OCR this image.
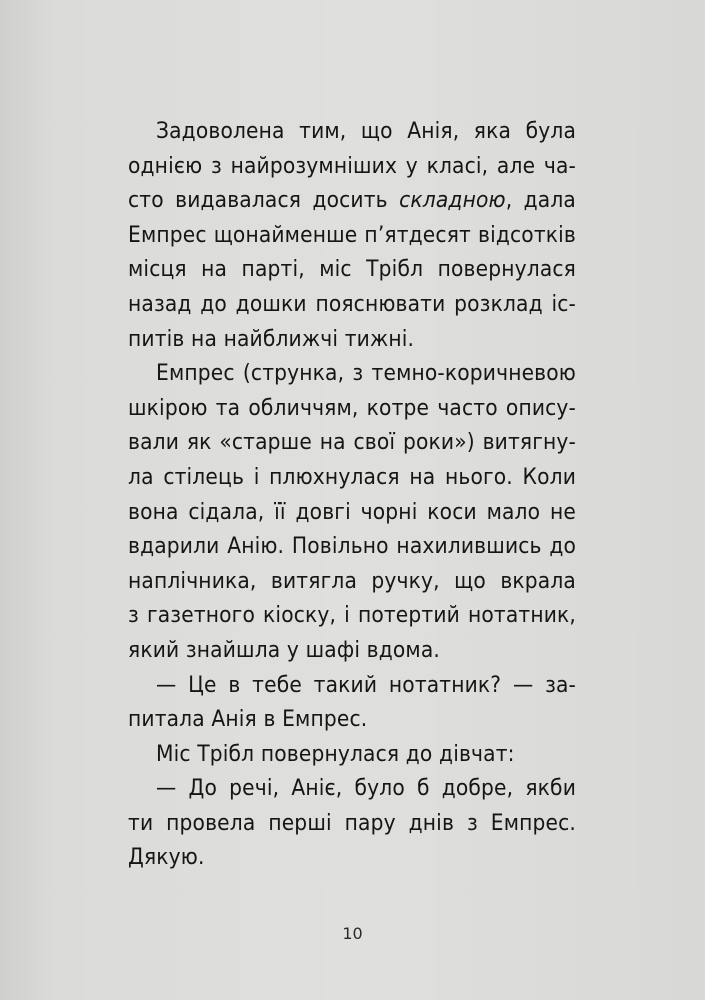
Задоволена тим, що Анія, яка була
однією з найрозумніших у класі, але ча-
сто видавалася досить складною, дала
Емпрес щонайменше п’ятдесят відсотків
місця на парті, міс Трібл повернулася
назад до дошки пояснювати розклад іс-
питів на найближчі тижні.
Емпрес (струнка, з темно-коричневою
шкірою та обличчям, котре часто опису-
вали як «старше на свої роки») витягну-
ла стілець і плюхнулася на нього. Коли
вона сідала, її довгі чорні коси мало не
вдарили Анію. Повільно нахилившись до
наплічника, витягла ручку, що вкрала
з газетного кіоску, і потертий нотатник,
який знайшла у шафі вдома.
— Це в тебе такий нотатник? — за-
питала Анія в Емпрес.
Міс Трібл повернулася до дівчат:
— До речі, Аніє, було б добре, якби
ти провела перші пару днів з Емпрес.
Дякую.
10
